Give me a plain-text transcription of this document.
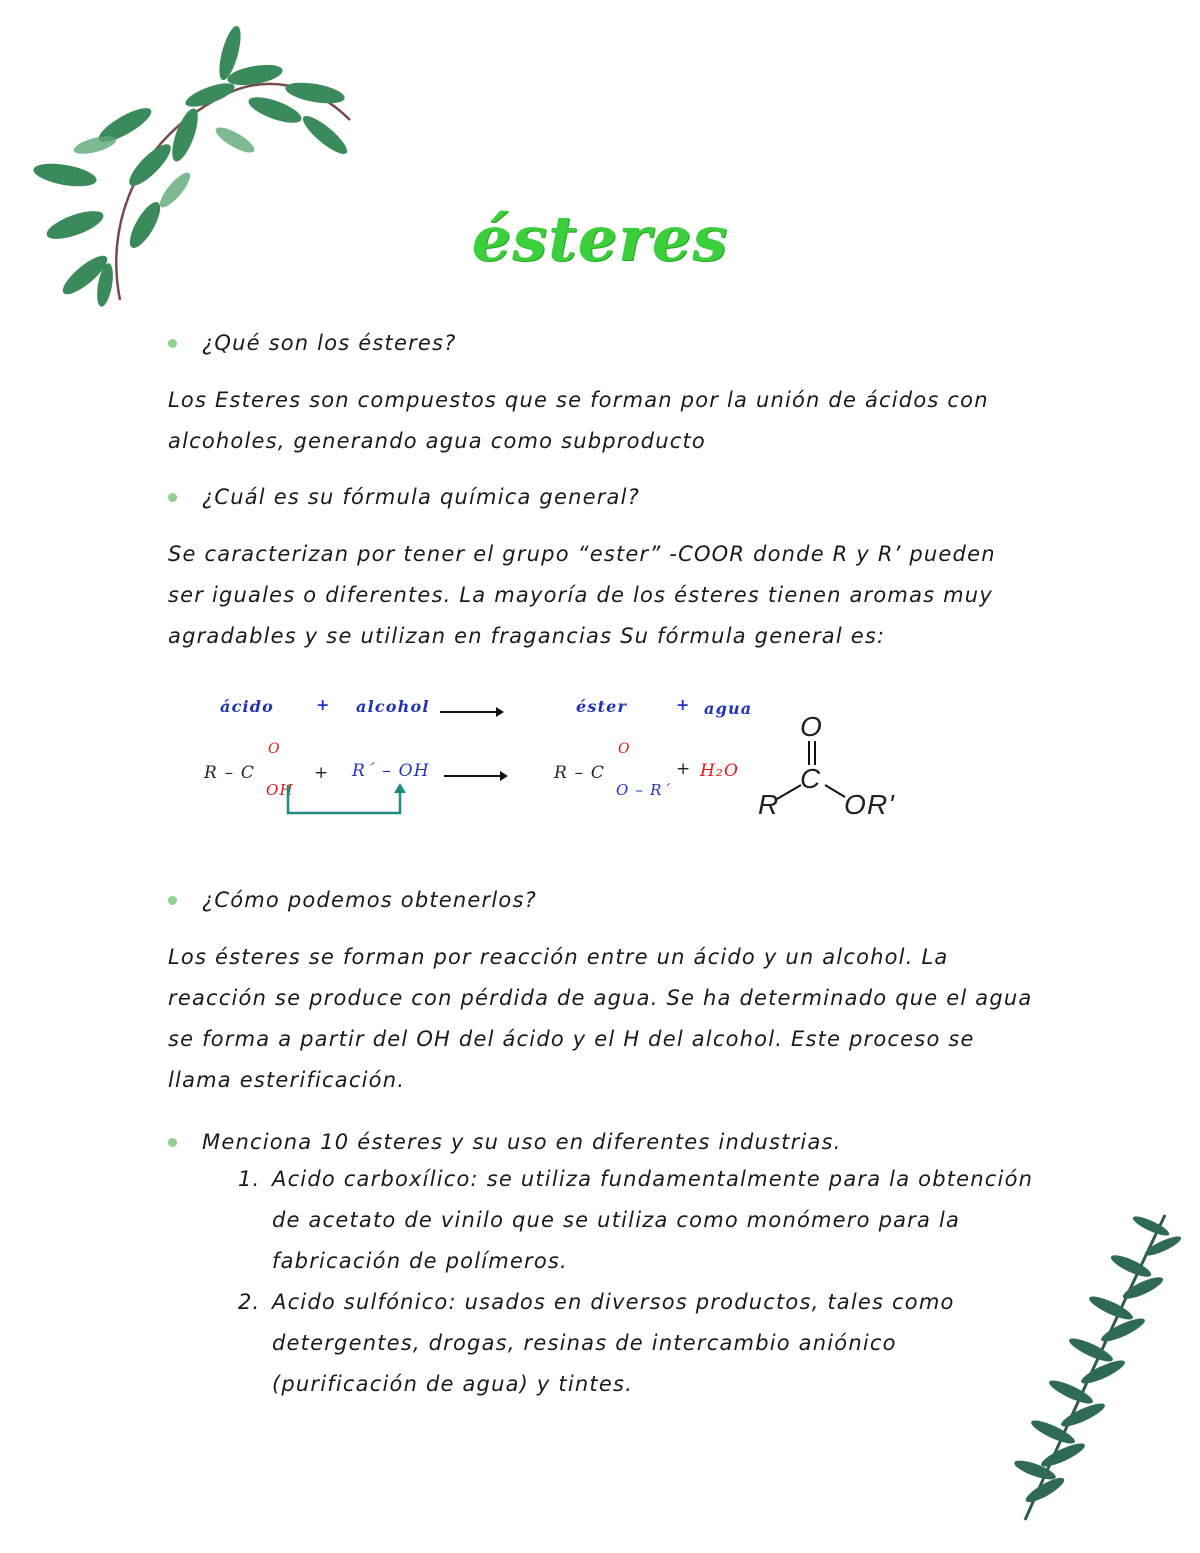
ésteres
¿Qué son los ésteres?

Los Esteres son compuestos que se forman por la unión de ácidos con alcoholes, generando agua como subproducto

¿Cuál es su fórmula química general?

Se caracterizan por tener el grupo “ester” -COOR donde R y R’ pueden ser iguales o diferentes. La mayoría de los ésteres tienen aromas muy agradables y se utilizan en fragancias Su fórmula general es:

ácido	+ alcohol	éster	+ agua
R – C
O
OH
+ R´ – OH	R – C
O
O – R´
+ H₂O
O
C
R OR'
¿Cómo podemos obtenerlos?

Los ésteres se forman por reacción entre un ácido y un alcohol. La reacción se produce con pérdida de agua. Se ha determinado que el agua se forma a partir del OH del ácido y el H del alcohol. Este proceso se llama esterificación.

Menciona 10 ésteres y su uso en diferentes industrias.
1. Acido carboxílico: se utiliza fundamentalmente para la obtención de acetato de vinilo que se utiliza como monómero para la fabricación de polímeros.
2. Acido sulfónico: usados en diversos productos, tales como detergentes, drogas, resinas de intercambio aniónico (purificación de agua) y tintes.
